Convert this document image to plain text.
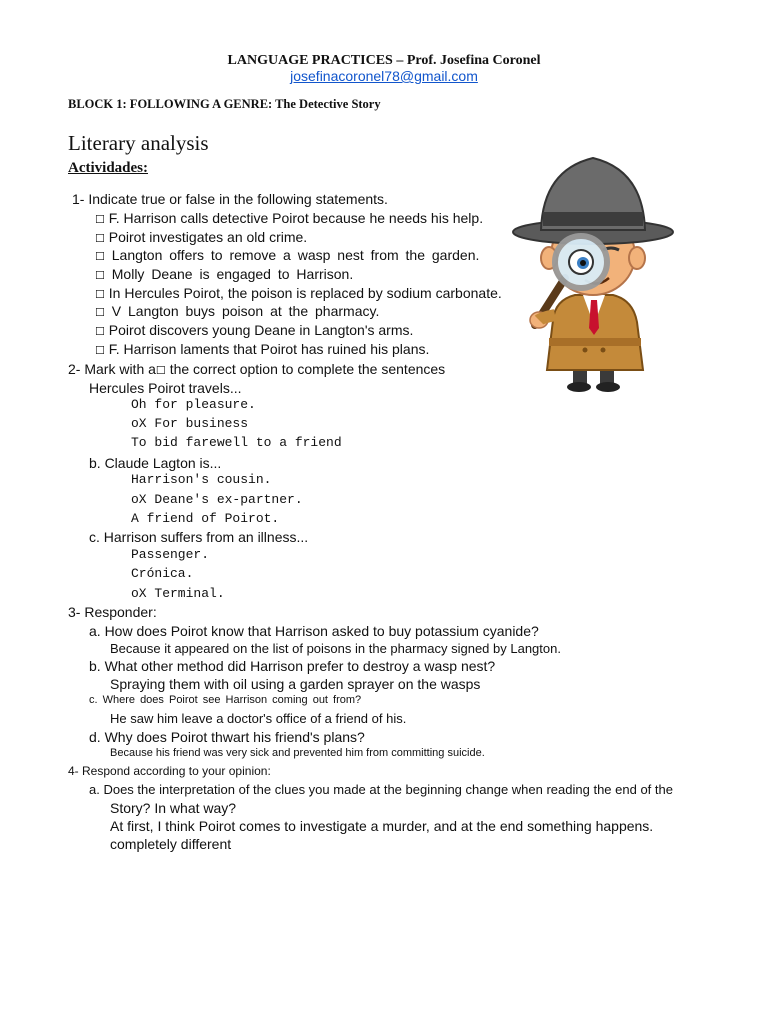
LANGUAGE PRACTICES – Prof. Josefina Coronel
josefinacoronel78@gmail.com
BLOCK 1: FOLLOWING A GENRE: The Detective Story
Literary analysis
Actividades:
1- Indicate true or false in the following statements.
☐ F. Harrison calls detective Poirot because he needs his help.
☐ Poirot investigates an old crime.
☐ Langton offers to remove a wasp nest from the garden.
☐ Molly Deane is engaged to Harrison.
☐ In Hercules Poirot, the poison is replaced by sodium carbonate.
☐ V Langton buys poison at the pharmacy.
☐ Poirot discovers young Deane in Langton's arms.
☐ F. Harrison laments that Poirot has ruined his plans.
2- Mark with a☐ the correct option to complete the sentences
Hercules Poirot travels...
Oh for pleasure.
oX For business
To bid farewell to a friend
b. Claude Lagton is...
Harrison's cousin.
oX Deane's ex-partner.
A friend of Poirot.
c. Harrison suffers from an illness...
Passenger.
Crónica.
oX Terminal.
3- Responder:
a. How does Poirot know that Harrison asked to buy potassium cyanide?
Because it appeared on the list of poisons in the pharmacy signed by Langton.
b. What other method did Harrison prefer to destroy a wasp nest?
Spraying them with oil using a garden sprayer on the wasps
c. Where does Poirot see Harrison coming out from?
He saw him leave a doctor's office of a friend of his.
d. Why does Poirot thwart his friend's plans?
Because his friend was very sick and prevented him from committing suicide.
4- Respond according to your opinion:
a. Does the interpretation of the clues you made at the beginning change when reading the end of the
Story? In what way?
At first, I think Poirot comes to investigate a murder, and at the end something happens.
completely different
